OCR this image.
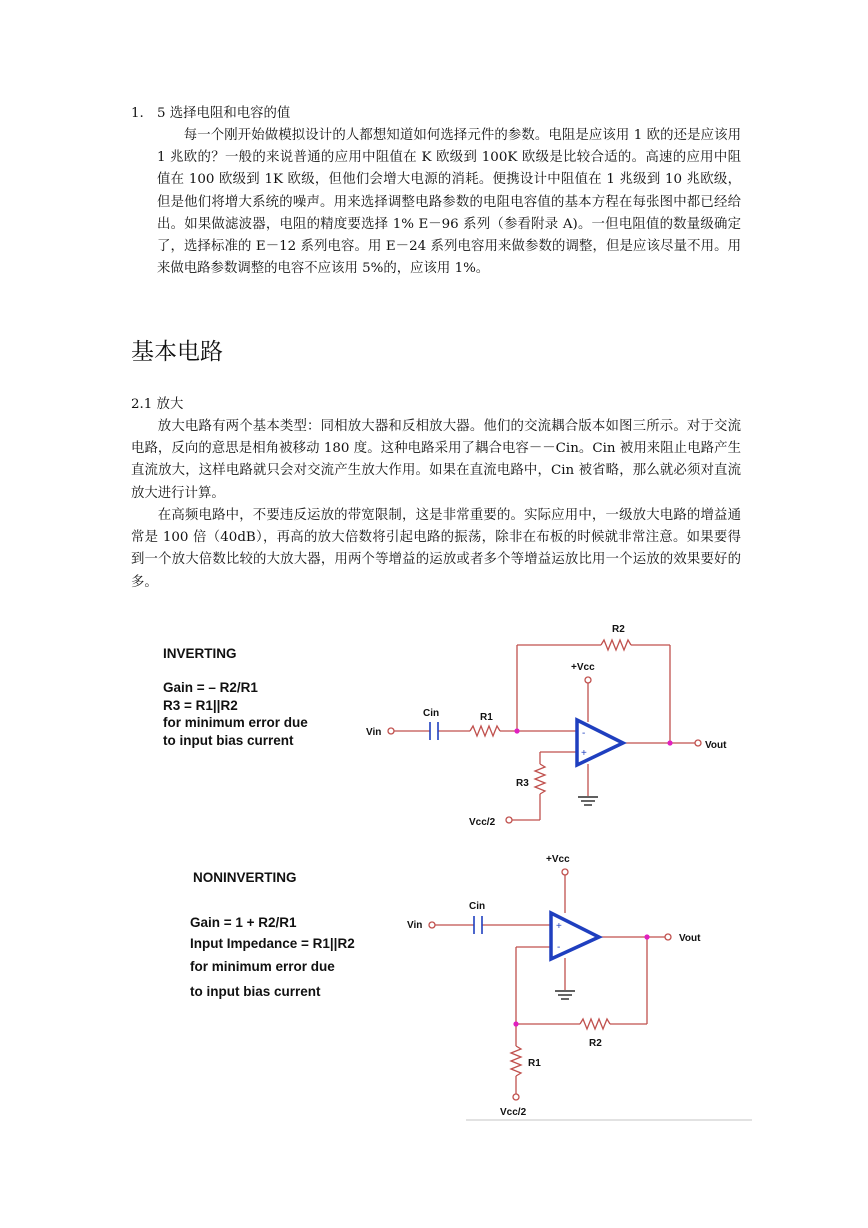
1. 5 选择电阻和电容的值

每一个刚开始做模拟设计的人都想知道如何选择元件的参数。电阻是应该用 1 欧的还是应该用 1 兆欧的？一般的来说普通的应用中阻值在 K 欧级到 100K 欧级是比较合适的。高速的应用中阻值在 100 欧级到 1K 欧级，但他们会增大电源的消耗。便携设计中阻值在 1 兆级到 10 兆欧级，但是他们将增大系统的噪声。用来选择调整电路参数的电阻电容值的基本方程在每张图中都已经给出。如果做滤波器，电阻的精度要选择 1% E－96 系列（参看附录 A)。一但电阻值的数量级确定了，选择标准的 E－12 系列电容。用 E－24 系列电容用来做参数的调整，但是应该尽量不用。用来做电路参数调整的电容不应该用 5%的，应该用 1%。

基本电路
2.1 放大

放大电路有两个基本类型：同相放大器和反相放大器。他们的交流耦合版本如图三所示。对于交流电路，反向的意思是相角被移动 180 度。这种电路采用了耦合电容－－Cin。Cin 被用来阻止电路产生直流放大，这样电路就只会对交流产生放大作用。如果在直流电路中，Cin 被省略，那么就必须对直流放大进行计算。

在高频电路中，不要违反运放的带宽限制，这是非常重要的。实际应用中，一级放大电路的增益通常是 100 倍（40dB），再高的放大倍数将引起电路的振荡，除非在布板的时候就非常注意。如果要得到一个放大倍数比较的大放大器，用两个等增益的运放或者多个等增益运放比用一个运放的效果要好的多。

INVERTING
Gain = – R2/R1
R3 = R1||R2
for minimum error due
to input bias current	-
+
R2
+Vcc
Cin	R1
Vin
Vout
R3
Vcc/2
NONINVERTING
Gain = 1 + R2/R1
Input Impedance = R1||R2
for minimum error due
to input bias current
+
-
+Vcc
Cin
Vin
Vout
R2
R1
Vcc/2
